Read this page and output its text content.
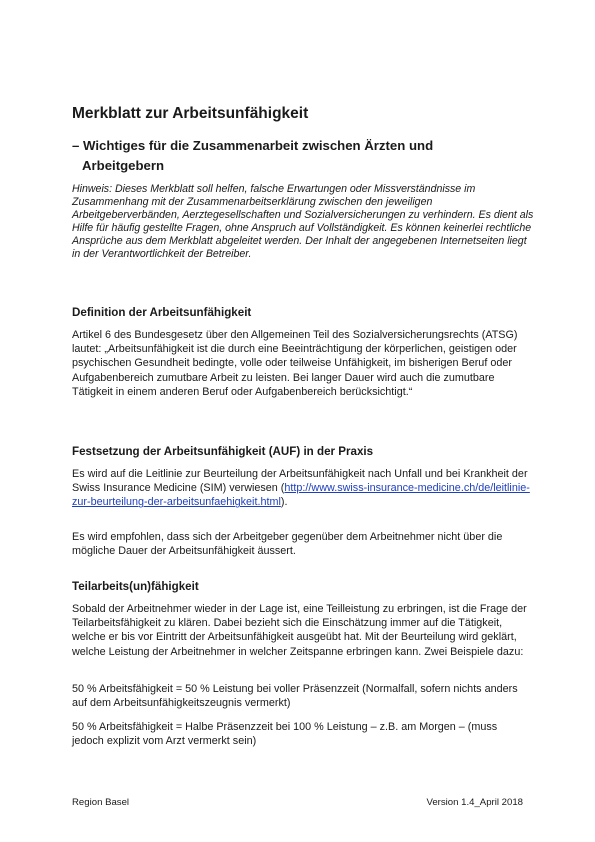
Merkblatt zur Arbeitsunfähigkeit
– Wichtiges für die Zusammenarbeit zwischen Ärzten und
Arbeitgebern

Hinweis: Dieses Merkblatt soll helfen, falsche Erwartungen oder Missverständnisse im Zusammenhang mit der Zusammenarbeitserklärung zwischen den jeweiligen Arbeitgeberverbänden, Aerztegesellschaften und Sozialversicherungen zu verhindern. Es dient als Hilfe für häufig gestellte Fragen, ohne Anspruch auf Vollständigkeit. Es können keinerlei rechtliche Ansprüche aus dem Merkblatt abgeleitet werden. Der Inhalt der angegebenen Internetseiten liegt in der Verantwortlichkeit der Betreiber.

Definition der Arbeitsunfähigkeit

Artikel 6 des Bundesgesetz über den Allgemeinen Teil des Sozialversicherungsrechts (ATSG) lautet: „Arbeitsunfähigkeit ist die durch eine Beeinträchtigung der körperlichen, geistigen oder psychischen Gesundheit bedingte, volle oder teilweise Unfähigkeit, im bisherigen Beruf oder Aufgabenbereich zumutbare Arbeit zu leisten. Bei langer Dauer wird auch die zumutbare Tätigkeit in einem anderen Beruf oder Aufgabenbereich berücksichtigt.“

Festsetzung der Arbeitsunfähigkeit (AUF) in der Praxis

Es wird auf die Leitlinie zur Beurteilung der Arbeitsunfähigkeit nach Unfall und bei Krankheit der Swiss Insurance Medicine (SIM) verwiesen (http://www.swiss-insurance-medicine.ch/de/leitlinie-zur-beurteilung-der-arbeitsunfaehigkeit.html).

Es wird empfohlen, dass sich der Arbeitgeber gegenüber dem Arbeitnehmer nicht über die mögliche Dauer der Arbeitsunfähigkeit äussert.

Teilarbeits(un)fähigkeit

Sobald der Arbeitnehmer wieder in der Lage ist, eine Teilleistung zu erbringen, ist die Frage der Teilarbeitsfähigkeit zu klären. Dabei bezieht sich die Einschätzung immer auf die Tätigkeit, welche er bis vor Eintritt der Arbeitsunfähigkeit ausgeübt hat. Mit der Beurteilung wird geklärt, welche Leistung der Arbeitnehmer in welcher Zeitspanne erbringen kann. Zwei Beispiele dazu:

50 % Arbeitsfähigkeit = 50 % Leistung bei voller Präsenzzeit (Normalfall, sofern nichts anders auf dem Arbeitsunfähigkeitszeugnis vermerkt)

50 % Arbeitsfähigkeit = Halbe Präsenzzeit bei 100 % Leistung – z.B. am Morgen – (muss jedoch explizit vom Arzt vermerkt sein)

Region Basel	Version 1.4_April 2018
